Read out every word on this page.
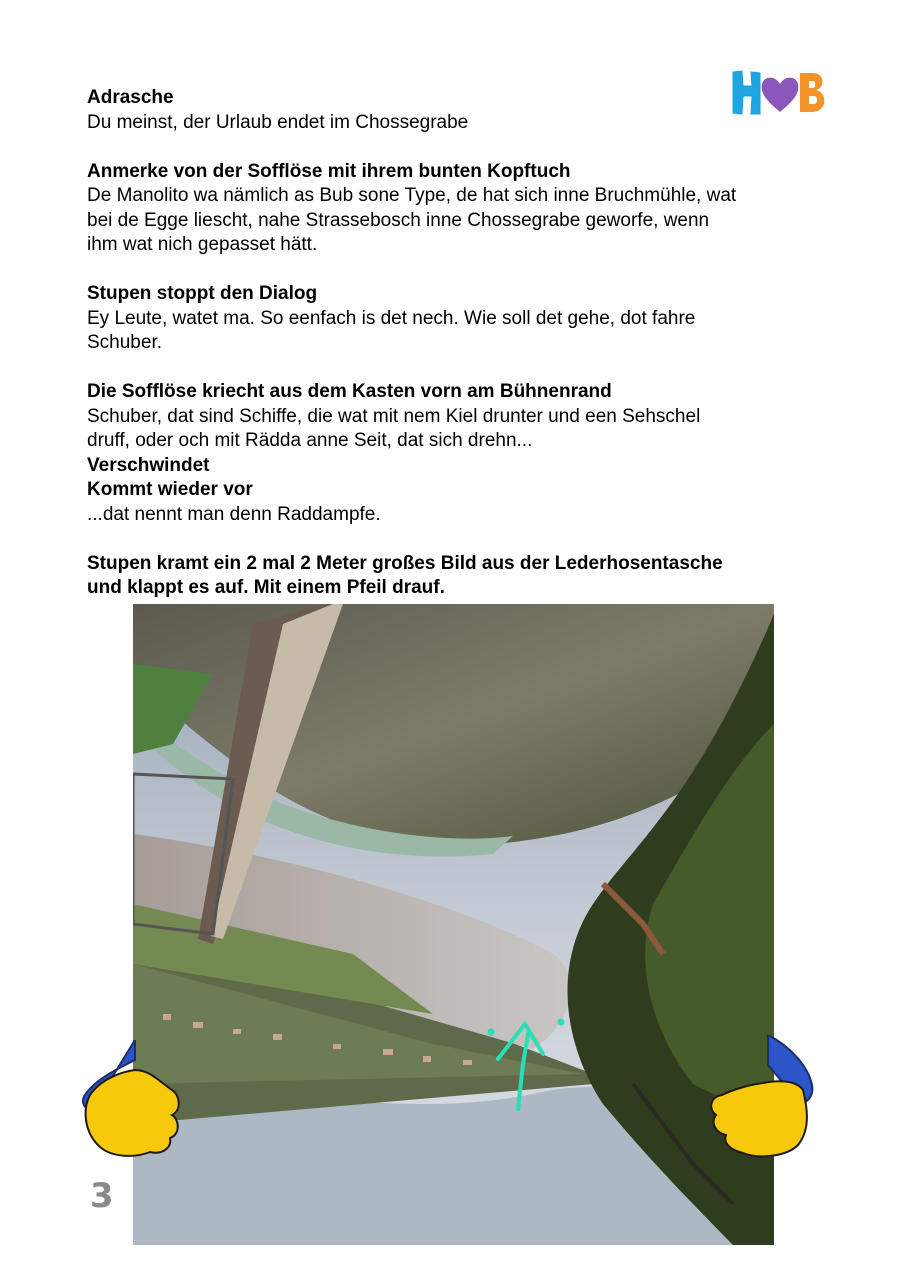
Adrasche

Du meinst, der Urlaub endet im Chossegrabe

Anmerke von der Sofflöse mit ihrem bunten Kopftuch

De Manolito wa nämlich as Bub sone Type, de hat sich inne Bruchmühle, wat

bei de Egge liescht, nahe Strassebosch inne Chossegrabe geworfe, wenn

ihm wat nich gepasset hätt.

Stupen stoppt den Dialog

Ey Leute, watet ma. So eenfach is det nech. Wie soll det gehe, dot fahre

Schuber.

Die Sofflöse kriecht aus dem Kasten vorn am Bühnenrand

Schuber, dat sind Schiffe, die wat mit nem Kiel drunter und een Sehschel

druff, oder och mit Rädda anne Seit, dat sich drehn...

Verschwindet

Kommt wieder vor

...dat nennt man denn Raddampfe.

Stupen kramt ein 2 mal 2 Meter großes Bild aus der Lederhosentasche

und klappt es auf. Mit einem Pfeil drauf.

3
